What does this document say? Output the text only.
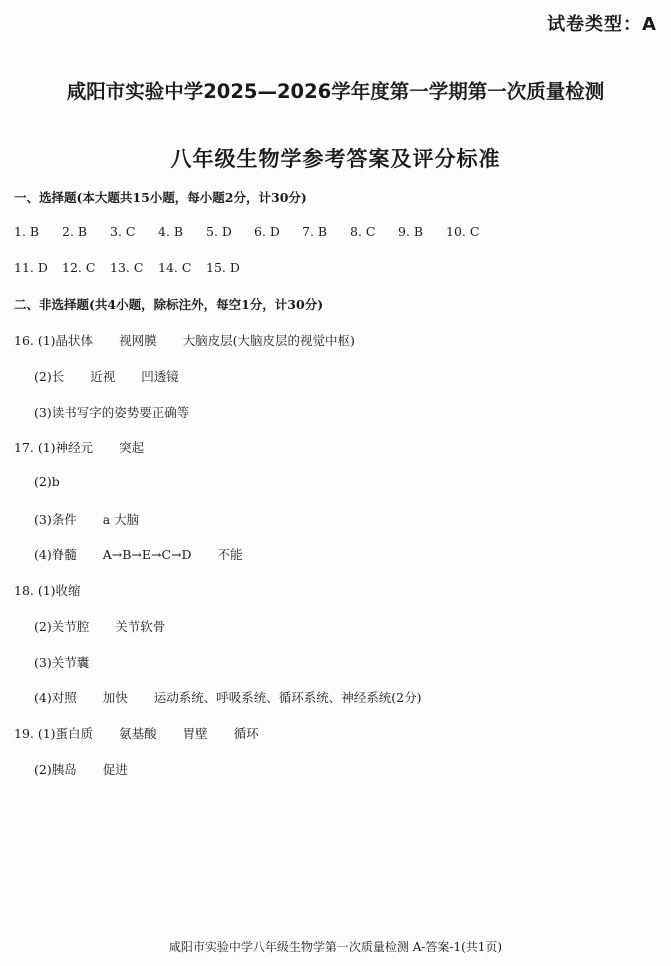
试卷类型：A
咸阳市实验中学2025—2026学年度第一学期第一次质量检测
八年级生物学参考答案及评分标准
一、选择题(本大题共15小题，每小题2分，计30分)
1. B 2. B 3. C 4. B 5. D 6. D 7. B 8. C 9. B 10. C
11. D 12. C 13. C 14. C 15. D
二、非选择题(共4小题，除标注外，每空1分，计30分)
16. (1)晶状体 视网膜 大脑皮层(大脑皮层的视觉中枢)
(2)长 近视 凹透镜
(3)读书写字的姿势要正确等
17. (1)神经元 突起
(2)b
(3)条件 a 大脑
(4)脊髓 A→B→E→C→D 不能
18. (1)收缩
(2)关节腔 关节软骨
(3)关节囊
(4)对照 加快 运动系统、呼吸系统、循环系统、神经系统(2分)
19. (1)蛋白质 氨基酸 胃壁 循环
(2)胰岛 促进
咸阳市实验中学八年级生物学第一次质量检测 A-答案-1(共1页)
